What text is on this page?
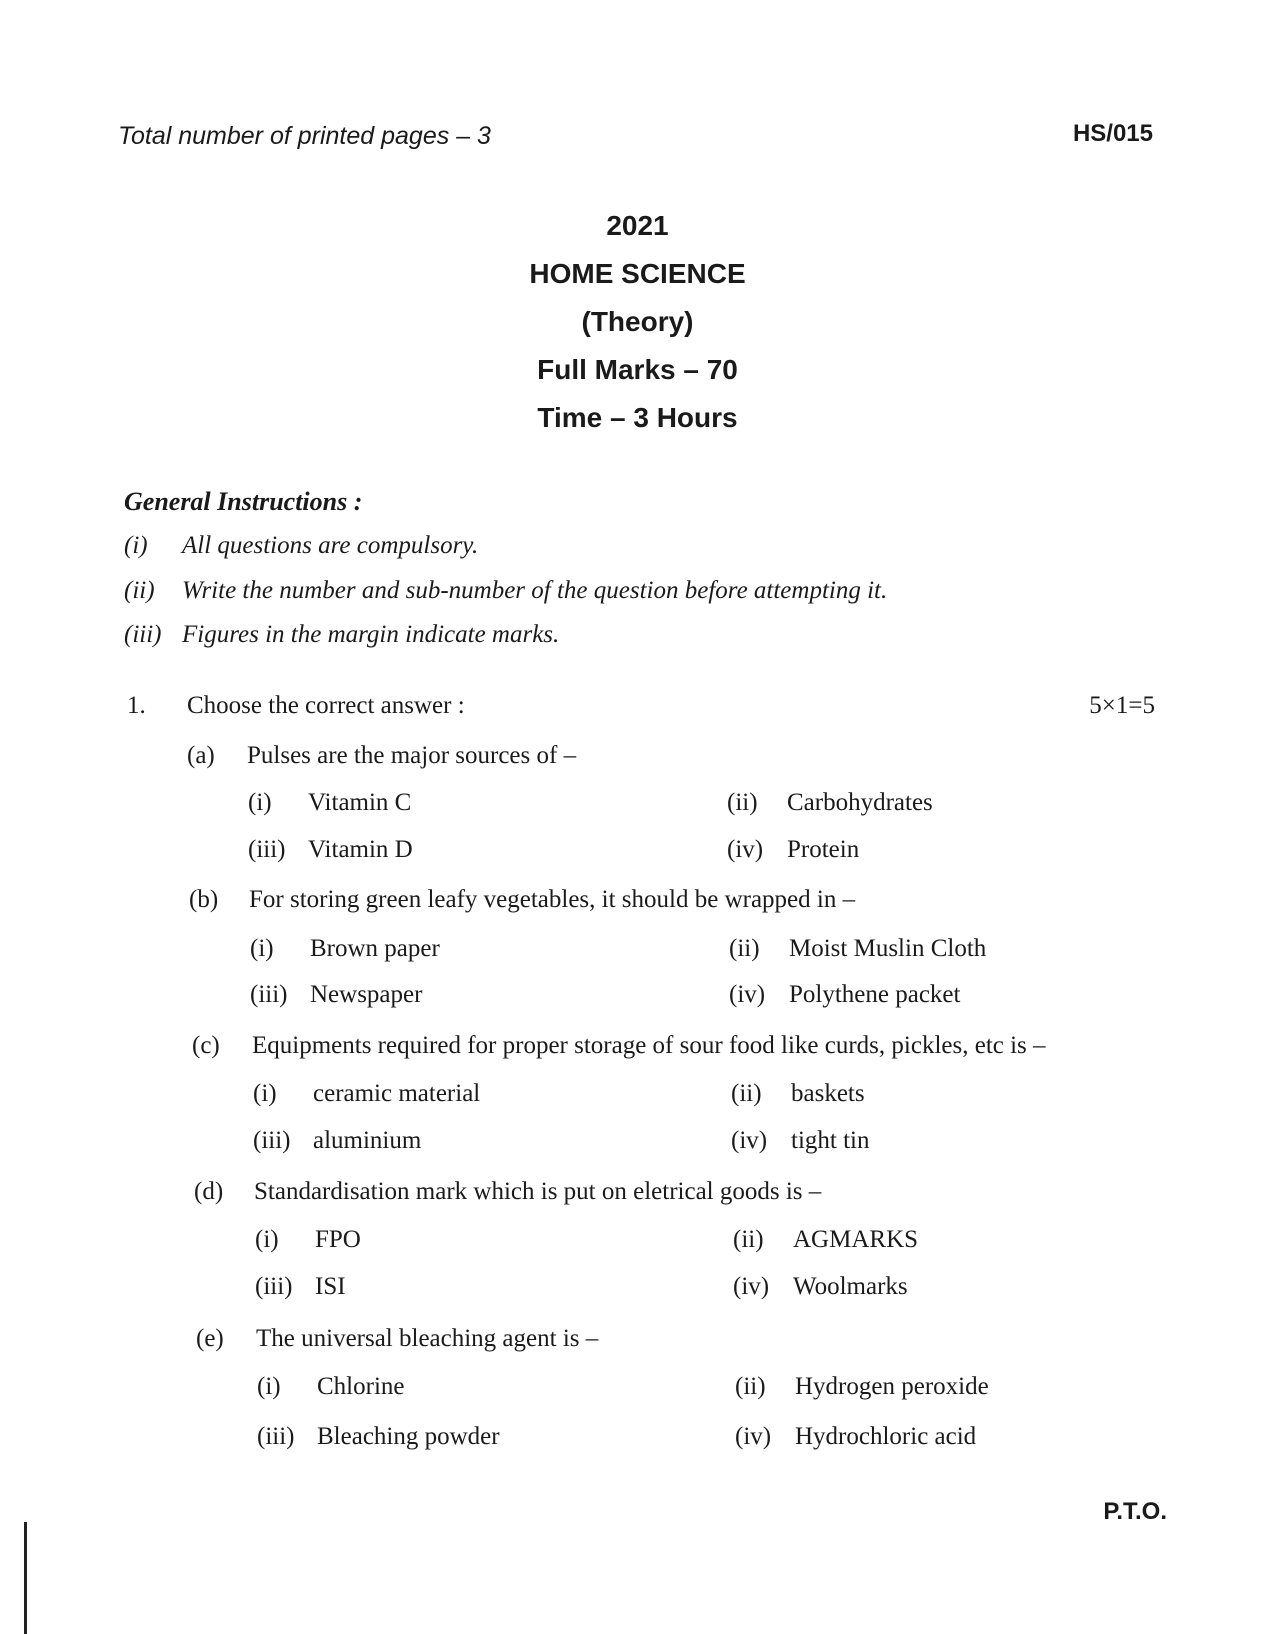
Total number of printed pages – 3	HS/015
2021
HOME SCIENCE
(Theory)
Full Marks – 70
Time – 3 Hours
General Instructions :
(i) All questions are compulsory.
(ii) Write the number and sub-number of the question before attempting it.
(iii) Figures in the margin indicate marks.
1. Choose the correct answer :	5×1=5
(a) Pulses are the major sources of –
(i) Vitamin C	(ii) Carbohydrates
(iii) Vitamin D	(iv) Protein
(b) For storing green leafy vegetables, it should be wrapped in –
(i) Brown paper	(ii) Moist Muslin Cloth
(iii) Newspaper	(iv) Polythene packet
(c) Equipments required for proper storage of sour food like curds, pickles, etc is –
(i) ceramic material	(ii) baskets
(iii) aluminium	(iv) tight tin
(d) Standardisation mark which is put on eletrical goods is –
(i) FPO	(ii) AGMARKS
(iii) ISI	(iv) Woolmarks
(e) The universal bleaching agent is –
(i) Chlorine	(ii) Hydrogen peroxide
(iii) Bleaching powder	(iv) Hydrochloric acid
P.T.O.
